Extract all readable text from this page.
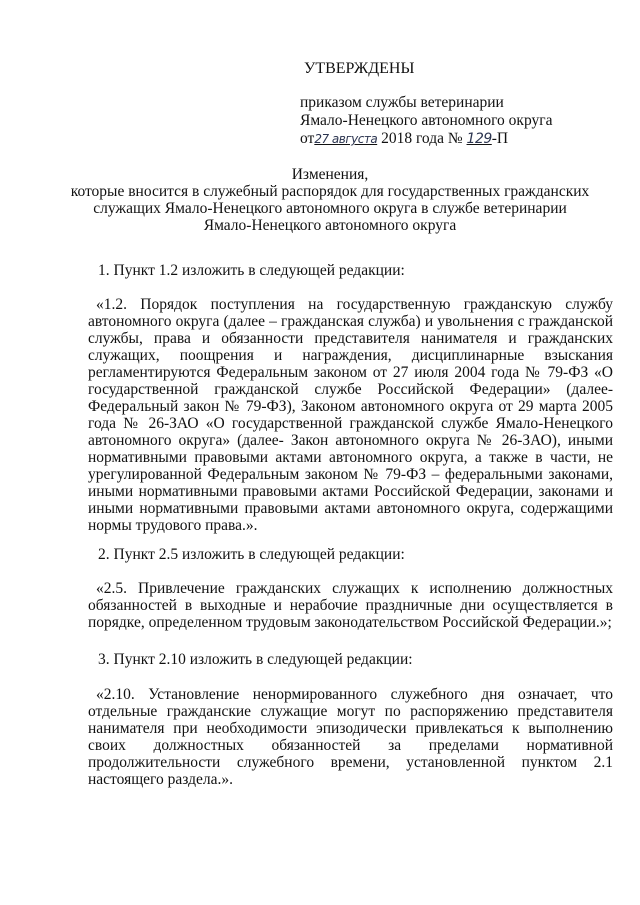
УТВЕРЖДЕНЫ
приказом службы ветеринарии
Ямало-Ненецкого автономного округа
от27 августа 2018 года № 129-П
Изменения,
которые вносится в служебный распорядок для государственных гражданских служащих Ямало-Ненецкого автономного округа в службе ветеринарии Ямало-Ненецкого автономного округа
1. Пункт 1.2 изложить в следующей редакции:
«1.2. Порядок поступления на государственную гражданскую службу автономного округа (далее – гражданская служба) и увольнения с гражданской службы, права и обязанности представителя нанимателя и гражданских служащих, поощрения и награждения, дисциплинарные взыскания регламентируются Федеральным законом от 27 июля 2004 года № 79-ФЗ «О государственной гражданской службе Российской Федерации» (далее- Федеральный закон № 79-ФЗ), Законом автономного округа от 29 марта 2005 года № 26-ЗАО «О государственной гражданской службе Ямало-Ненецкого автономного округа» (далее- Закон автономного округа № 26-ЗАО), иными нормативными правовыми актами автономного округа, а также в части, не урегулированной Федеральным законом № 79-ФЗ – федеральными законами, иными нормативными правовыми актами Российской Федерации, законами и иными нормативными правовыми актами автономного округа, содержащими нормы трудового права.».
2. Пункт 2.5 изложить в следующей редакции:
«2.5. Привлечение гражданских служащих к исполнению должностных обязанностей в выходные и нерабочие праздничные дни осуществляется в порядке, определенном трудовым законодательством Российской Федерации.»;
3. Пункт 2.10 изложить в следующей редакции:
«2.10. Установление ненормированного служебного дня означает, что отдельные гражданские служащие могут по распоряжению представителя нанимателя при необходимости эпизодически привлекаться к выполнению своих должностных обязанностей за пределами нормативной продолжительности служебного времени, установленной пунктом 2.1 настоящего раздела.».
